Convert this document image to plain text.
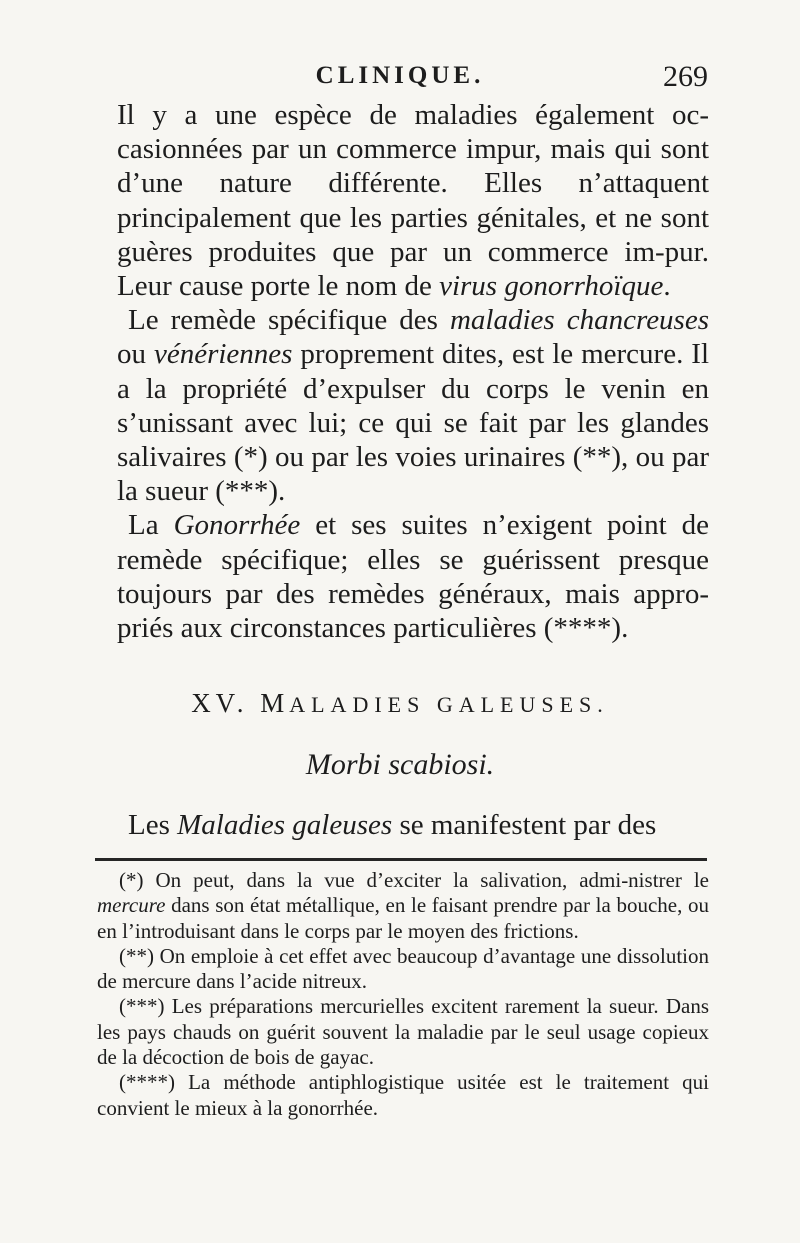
CLINIQUE.	269

Il y a une espèce de maladies également oc-casionnées par un commerce impur, mais qui sont d’une nature différente. Elles n’attaquent principalement que les parties génitales, et ne sont guères produites que par un commerce im-pur. Leur cause porte le nom de virus gonorrhoïque.

Le remède spécifique des maladies chancreuses ou vénériennes proprement dites, est le mercure. Il a la propriété d’expulser du corps le venin en s’unissant avec lui; ce qui se fait par les glandes salivaires (*) ou par les voies urinaires (**), ou par la sueur (***).

La Gonorrhée et ses suites n’exigent point de remède spécifique; elles se guérissent presque toujours par des remèdes généraux, mais appro-priés aux circonstances particulières (****).

XV. MALADIES GALEUSES.
Morbi scabiosi.

Les Maladies galeuses se manifestent par des

(*) On peut, dans la vue d’exciter la salivation, admi-nistrer le mercure dans son état métallique, en le faisant prendre par la bouche, ou en l’introduisant dans le corps par le moyen des frictions.

(**) On emploie à cet effet avec beaucoup d’avantage une dissolution de mercure dans l’acide nitreux.

(***) Les préparations mercurielles excitent rarement la sueur. Dans les pays chauds on guérit souvent la maladie par le seul usage copieux de la décoction de bois de gayac.

(****) La méthode antiphlogistique usitée est le traitement qui convient le mieux à la gonorrhée.
